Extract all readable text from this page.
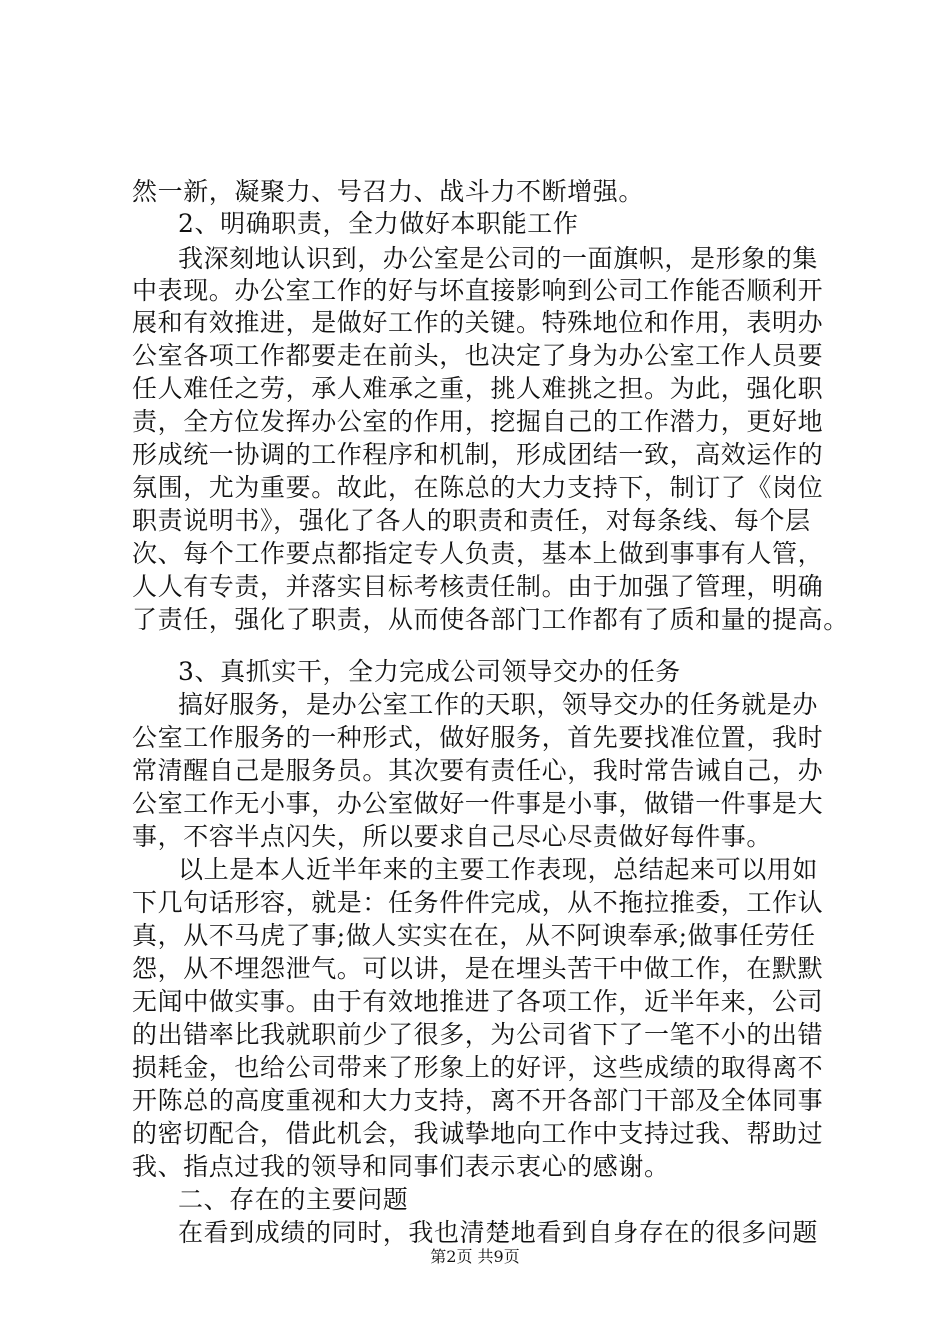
然一新，凝聚力、号召力、战斗力不断增强。
2、明确职责，全力做好本职能工作
我深刻地认识到，办公室是公司的一面旗帜，是形象的集
中表现。办公室工作的好与坏直接影响到公司工作能否顺利开
展和有效推进，是做好工作的关键。特殊地位和作用，表明办
公室各项工作都要走在前头，也决定了身为办公室工作人员要
任人难任之劳，承人难承之重，挑人难挑之担。为此，强化职
责，全方位发挥办公室的作用，挖掘自己的工作潜力，更好地
形成统一协调的工作程序和机制，形成团结一致，高效运作的
氛围，尤为重要。故此，在陈总的大力支持下，制订了《岗位
职责说明书》，强化了各人的职责和责任，对每条线、每个层
次、每个工作要点都指定专人负责，基本上做到事事有人管，
人人有专责，并落实目标考核责任制。由于加强了管理，明确
了责任，强化了职责，从而使各部门工作都有了质和量的提高。
3、真抓实干，全力完成公司领导交办的任务
搞好服务，是办公室工作的天职，领导交办的任务就是办
公室工作服务的一种形式，做好服务，首先要找准位置，我时
常清醒自己是服务员。其次要有责任心，我时常告诫自己，办
公室工作无小事，办公室做好一件事是小事，做错一件事是大
事，不容半点闪失，所以要求自己尽心尽责做好每件事。
以上是本人近半年来的主要工作表现，总结起来可以用如
下几句话形容，就是：任务件件完成，从不拖拉推委，工作认
真，从不马虎了事;做人实实在在，从不阿谀奉承;做事任劳任
怨，从不埋怨泄气。可以讲，是在埋头苦干中做工作，在默默
无闻中做实事。由于有效地推进了各项工作，近半年来，公司
的出错率比我就职前少了很多，为公司省下了一笔不小的出错
损耗金，也给公司带来了形象上的好评，这些成绩的取得离不
开陈总的高度重视和大力支持，离不开各部门干部及全体同事
的密切配合，借此机会，我诚挚地向工作中支持过我、帮助过
我、指点过我的领导和同事们表示衷心的感谢。
二、存在的主要问题
在看到成绩的同时，我也清楚地看到自身存在的很多问题
第2页 共9页
